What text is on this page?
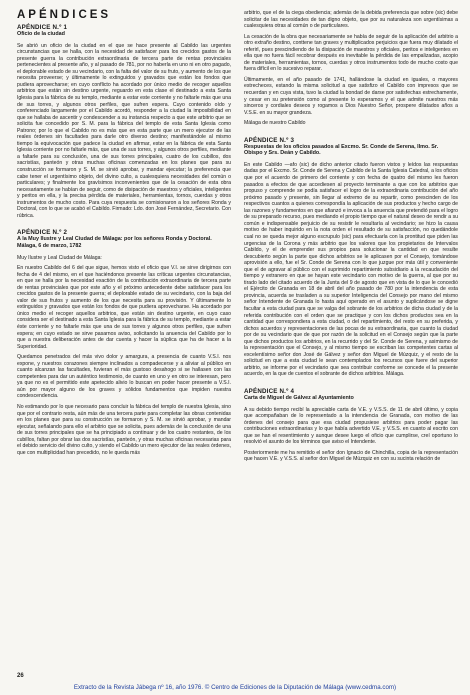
APÉNDICES
APÉNDICE N.º 1
Oficio de la ciudad

Se abrió un oficio de la ciudad en el que se hace presente al Cabildo las urgentes circunstancias que se halla, con la necesidad de satisfacer para los crecidos gastos de la presente guerra la contribución extraordinaria de tercera parte de rentas provinciales pertenecientes al presente año, y al pasado de 781, por no haberla en uno ni en otro pagado, el deplorable estado de su vecindario, con la falta del valor de su fruto, y aumento de los que necesita proveerse; y últimamente lo extinguidos y gravados que están los fondos que pudiera aprovecharse; en cuyo conflicto ha acordado por único medio de recoger aquellos arbitrios que están sin destino urgente, reguardo en esta clase el destinado a esta Santa Iglesia para la fábrica de su templo, mediante a estar este corriente y no faltarle más que una de sus torres, y algunos otros perfiles, que sufren espera. Cuyo contenido oído y conferenciado largamente por el Cabildo acordó, responder a la ciudad la imposibilidad en que se hallaba de ascentir y condescender a su instancia respecto a que este arbitrio que se solicita fue concedido por S. M. para la fábrica del templo de esta Santa Iglesia como Patrono; por lo que el Cabildo no es más que en esta parte que un mero ejecutor de las reales órdenes sin facultades para darle otro diverso destino; manifestándole al mismo tiempo la equivocación que padece la ciudad en afirmar, estar en la fábrica de esta Santa Iglesia corriente por no faltarle más, que una de sus torres, y algunos otros perfiles, mediante a faltarle para su conclusión, una de sus torres principales, cuatro de los cubillos, dos sacristías, panteón y otras muchas oficinas comenzadas en los planes que para su construcción se formaron y S. M. se sirvió aprobar, y mandar ejecutar; la preferencia que cabe tener el urgentísimo objeto, del divino culto, a cualesquiera necesidades del común o particulares; y finalmente los gravísimos inconvenientes que de la cesación de esta obra necesariamente se habían de seguir, como de disipación de maestros y oficiales, inteligentes y peritos en ella, y la precisa pérdida de materiales, herramientas, tornos, cuerdas y otros instrumentos de mucho costo. Para cuya respuesta se comisionaron a los señores Ronda y Doctoral, con lo que se acabó el Cabildo. Firmado: Ldo. don José Fernández, Secretario. Con rúbrica.

APÉNDICE N.º 2
A la Muy Ilustre y Leal Ciudad de Málaga: por los señores Ronda y Doctoral.
Málaga, 6 de marzo, 1782

Muy Ilustre y Leal Ciudad de Málaga:

En nuestro Cabildo del 6 del que sigue, hemos visto el oficio que V.I. se sirve dirigirnos con fecha de 4 del mismo, en el que haciéndonos presente las críticas urgentes circunstancias, en que se halla por la necesidad exactión de la contribución extraordinaria de tercera parte de rentas provinciales que por este año y el próximo antecedente debe satisfacer para los crecidos gastos de la presente guerra; el deplorable estado de su vecindario, con la baja del valor de sus frutos y aumento de los que necesita para su provisión. Y últimamente lo extinguidos y gravados que están los fondos de que pudiera aprovecharse. Ha acordado por único medio el recoger aquellos arbitrios, que están sin destino urgente, en cuyo caso considera ser el destinado a esta Santa Iglesia para la fábrica de su templo, mediante a estar éste corriente y no faltarle más que una de sus torres y algunos otros perfiles, que sufren espera; en cuyo estado se sirve pasarnos aviso, solicitando la anuencia del Cabildo por lo que a nuestra deliberación antes de dar cuenta y hacer la súplica que ha de hacer a la Superioridad.

Quedamos penetrados del más vivo dolor y amargura, a presencia de cuanto V.S.I. nos expone, y nuestros corazones siempre inclinados a compadecerse y a aliviar al público en cuanto alcanzan las facultades, fuvieran el más gustoso desahogo si se hallasen con las competentes para dar un auténtico testimonio, de cuanto en uno y en otro se interesan, pero ya que no es el permitido este apetecido alivio lo buscan en poder hacer presente a V.S.I. aún por mayor alguno de los graves y sólidos fundamentos que impiden nuestra condescendencia.

No estimando por lo que necesario para concluir la fábrica del templo de nuestra Iglesia, sino que por el contrario resta, aún más de una tercera parte para completar las obras contenidas en los planes que para su construcción se formaron y S. M. se sirvió aprobar, y mandar ejecutar, señalando para ello el arbitrio que se solicita, pues además de la conclusión de una de sus torres principales que se ha principiado a continuar y de los cuatro restantes, de los cubillos, faltan por obrar las dos sacristías, panteón, y otras muchas oficinas necesarias para el debido servicio del divino culto, y siendo el Cabildo un mero ejecutor de las reales órdenes, que con multiplicidad han precedido, no le queda más

arbitrio, que el de la ciega obediencia; además de la debida preferencia que sobre (sic) debe solicitar de las necesidades de tan digno objeto, que por su naturaleza son urgentísimas a cualesquiera otras al común o de particulares.

La cesación de la obra que necesariamente se había de seguir de la aplicación del arbitrio a otro extraño destino, conttene tan graves y multiplicados perjuicios que fuera muy dilatado el referirl, pues prescindiendo de la disipación de maestros y oficiales, peritos e inteligentes en ella que no fuera fácil recobrar después es inevitable la pérdida de las empalizadas, acopio de materiales, herramientas, tornos, cuerdas y otros instrumentos todo de mucho costo que fuera difícil en lo sucesivo reparar.

Últimamente, en el año pasado de 1741, hallándose la ciudad en iguales, o mayores estrecheces, estando la misma solicitud a que satisfizo el Cabildo con impresos que se recuerdan y en cuya vista, tuvo la ciudad la bondad de darse por satisfechas estrechamente, y cesar en su pretensión como al presente lo esperamos y el que admite nuestros más sinceros y cordiales deseos y rogamos a Dios Nuestro Señor, prospere dilatados años a V.S.E. en su mayor grandeza.

Málaga de nuestro Cabildo

APÉNDICE N.º 3
Respuestas de los oficios pasados al Excmo. Sr. Conde de Serena, Ilmo. Sr. Obispo y Srs. Deán y Cabildo.

En este Cabildo —afo (sic) de dicho anterior citado fueron vistos y leídos las respuestas dadas por el Excmo. Sr. Conde de Serena y Cabildo de la Santa Iglesia Catedral, a los oficios que por el acuerdo de primero del corriente y con fecha de quatro del mismo les fueron pasados a efectos de que accediesen al proyecto terminante a que con los arbitrios que propuso y comprende se podía satisfacer el logro de la extraordinaria contribución del año próximo pasado y presente, sin llegar al extremo de su repartir, como prescinden de los respectivos cuantos a quienes correspondía la aplicación de sus productos y hecho cargo de las razones y fundamentos en que afianzó e invoca a la anuencia que pretendió para el logro de su preparado recurso, pues mediando el propio tiempo que el natural deseo de rendir a su común e indispensable perjuicio de su resistir le resultaría al vecindario; se hizo la causa motivo de haber inquirido en la nota orden el resultado de su satisfacción, no quedándole cual no se queda mejor alguno escrupulo (sic) para efectuarla con la prontitud que piden las urgencias de la Corona y más arbitrio que los valores que los propietarios de Intervalos Cabildo, y el de emprender sus propios para solucionar la cantidad en que resulte descubierto según la parte que dichos arbitrios se le aplicasen por el Consejo, tomándose aprovisión a ello, fue el Sr. Conde de Serena con lo que juzgue por más útil y conveniente que el de agravar al público con el suprimido repartimiento subsidiario a la recaudación del tiempo y extranero en que se hayan este vecindario con motivo de la guerra, al que por su tirado lado del citado acuerdo de la Junta del 9 de agosto que en vista de lo que le concedió el Ejército de Granada en 18 de abril del año pasado de 780 por la intendencia de esta provincia, acuerda se trasladen a su superior Inteligencia del Consejo por mano del mismo señor Intendente de Granada lo hasta aquí operado en el asunto y suplicándose se digne facultar a esta ciudad para que se valga del sobrante de los arbitrios de dicha ciudad y de la referida contribución con el orden que se practique y con los dichos productos sea en la cantidad que correspondiera a esta ciudad, o del repartimiento, del resto en su preferida, y dichos acuerdos y representaciones de las pocas de su extraordinaria, que cuanto la ciudad por de su vecindario que de que por razón de la solicitud en el Consejo según que la parte que dichos productos los arbitrios, en la recurrido y del Sr. Conde de Serena, y asimismo de la representación que el Consejo, y al mismo tiempo se escriban las competentes cartas al excelentísimo señor don José de Gálvez y señor don Miguel de Múzquiz, y el resto de la solicitud en que a esta ciudad le sean contemplados los recursos que fuere del superior arbitrio, se informe por el vecindario que sea contribuir conforme se concede el la presente acuerdo, en la que de cuentos el sobrante de dichos arbitrios. Málaga.

APÉNDICE N.º 4
Carta de Miguel de Gálvez al Ayuntamiento

A su debido tiempo recibí la apreciable carta de V.E. y V.S.S. de 11 de abril último, y copia que acompañaban de lo representado a la intendencia de Granada, con motivo de las órdenes del consejo para que esa ciudad propusiese arbitrios para poder pagar las contribuciones extraordinarias y lo que había advertido V.E. y V.S.S. en cuanto al escrito con que se han el resentimiento y aunque desee luego el oficio que cumplirse, creí oportuno lo resolvió el asunto de los términos que aviso el Intendente.

Posteriormente me ha remitido el señor don Ignacio de Chinchilla, copia de la representación que hacen V.E. y V.S.S. al señor don Miguel de Múzquiz en con su sucinta relación de

26
Extracto de la Revista Jábega nº 16, año 1976. © Centro de Ediciones de la Diputación de Málaga (www.cedma.com)
